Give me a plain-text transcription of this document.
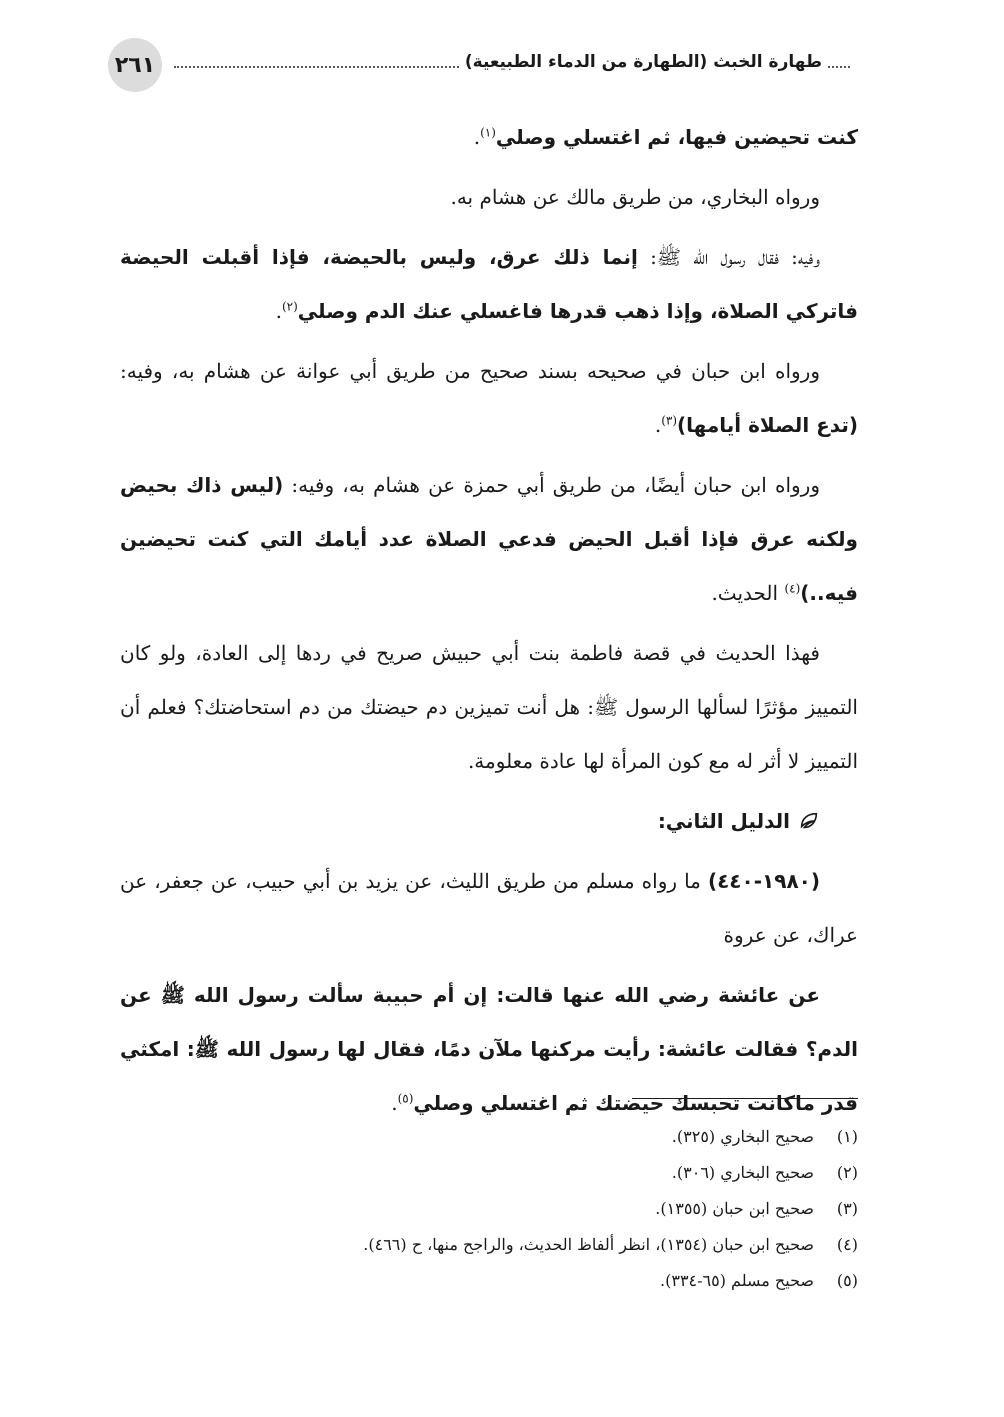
طهارة الخبث (الطهارة من الدماء الطبيعية)
٢٦١

كنت تحيضين فيها، ثم اغتسلي وصلي$^{(١)}$.

ورواه البخاري، من طريق مالك عن هشام به.

وفيه: فقال رسول الله ﷺ: إنما ذلك عرق، وليس بالحيضة، فإذا أقبلت الحيضة فاتركي الصلاة، وإذا ذهب قدرها فاغسلي عنك الدم وصلي$^{(٢)}$.

ورواه ابن حبان في صحيحه بسند صحيح من طريق أبي عوانة عن هشام به، وفيه: (تدع الصلاة أيامها)$^{(٣)}$.

ورواه ابن حبان أيضًا، من طريق أبي حمزة عن هشام به، وفيه: (ليس ذاك بحيض ولكنه عرق فإذا أقبل الحيض فدعي الصلاة عدد أيامك التي كنت تحيضين فيه..)$^{(٤)}$ الحديث.

فهذا الحديث في قصة فاطمة بنت أبي حبيش صريح في ردها إلى العادة، ولو كان التمييز مؤثرًا لسألها الرسول ﷺ: هل أنت تميزين دم حيضتك من دم استحاضتك؟ فعلم أن التمييز لا أثر له مع كون المرأة لها عادة معلومة.

الدليل الثاني:

(١٩٨٠-٤٤٠) ما رواه مسلم من طريق الليث، عن يزيد بن أبي حبيب، عن جعفر، عن عراك، عن عروة

عن عائشة رضي الله عنها قالت: إن أم حبيبة سألت رسول الله ﷺ عن الدم؟ فقالت عائشة: رأيت مركنها ملآن دمًا، فقال لها رسول الله ﷺ: امكثي قدر ماكانت تحبسك حيضتك ثم اغتسلي وصلي$^{(٥)}$.

(١)
صحيح البخاري (٣٢٥).
(٢)
صحيح البخاري (٣٠٦).
(٣)
صحيح ابن حبان (١٣٥٥).
(٤)
صحيح ابن حبان (١٣٥٤)، انظر ألفاظ الحديث، والراجح منها، ح (٤٦٦).
(٥)
صحيح مسلم (٦٥-٣٣٤).
